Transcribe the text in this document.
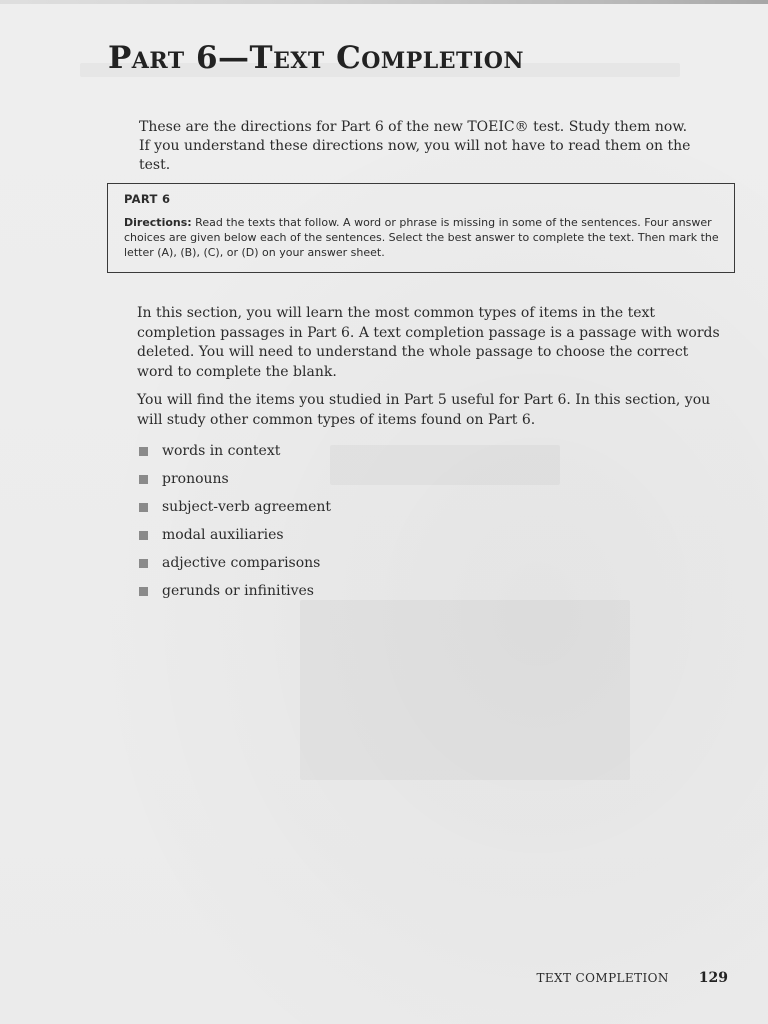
Part 6—Text Completion

These are the directions for Part 6 of the new TOEIC® test. Study them now. If you understand these directions now, you will not have to read them on the test.

PART 6

Directions: Read the texts that follow. A word or phrase is missing in some of the sentences. Four answer choices are given below each of the sentences. Select the best answer to complete the text. Then mark the letter (A), (B), (C), or (D) on your answer sheet.

In this section, you will learn the most common types of items in the text completion passages in Part 6. A text completion passage is a passage with words deleted. You will need to understand the whole passage to choose the correct word to complete the blank.

You will find the items you studied in Part 5 useful for Part 6. In this section, you will study other common types of items found on Part 6.

words in context
pronouns
subject-verb agreement
modal auxiliaries
adjective comparisons
gerunds or infinitives
TEXT COMPLETION 129
